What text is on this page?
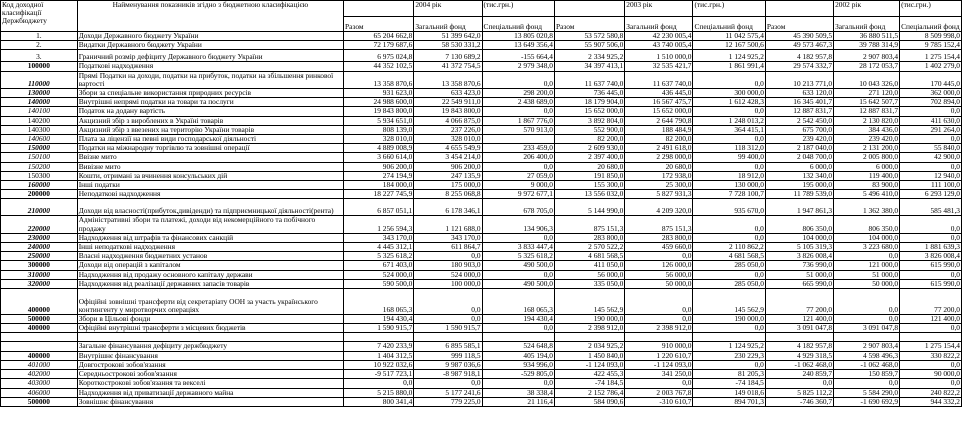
Код доходної класифікації Держбюджету	Найменування показників згідно з бюджетною класифікацією		2004 рік	(тис.грн.)		2003 рік	(тис.грн.)		2002 рік	(тис.грн.)
		Разом	Загальний фонд	Спеціальний фонд	Разом	Загальний фонд	Спеціальний фонд	Разом	Загальний фонд	Спеціальний фонд
1.	Доходи Державного бюджету України	65 204 662,8	51 399 642,0	13 805 020,8	53 572 580,8	42 230 005,4	11 042 575,4	45 390 509,5	36 880 511,5	8 509 998,0
2.	Видатки Державного бюджету України	72 179 687,6	58 530 331,2	13 649 356,4	55 907 506,0	43 740 005,4	12 167 500,6	49 573 467,3	39 788 314,9	9 785 152,4
3.	Граничний розмір дефіциту Державного бюджету України	6 975 024,8	7 130 689,2	-155 664,4	2 334 925,2	1 510 000,0	1 124 925,2	4 182 957,8	2 907 803,4	1 275 154,4
100000	Податкові надходження	44 352 102,5	41 372 754,5	2 979 348,0	34 397 413,1	32 535 421,7	1 861 991,4	29 574 332,7	28 172 053,7	1 402 279,0
110000	Прямі Податки на доходи, податки на прибуток, податки на збільшення ринкової вартості	13 358 870,6	13 358 870,6	0,0	11 637 740,0	11 637 740,0	0,0	10 213 771,0	10 043 326,0	170 445,0
130000	Збори за спеціальне використання природних ресурсів	931 623,0	633 423,0	298 200,0	736 445,0	436 445,0	300 000,0	633 120,0	271 120,0	362 000,0
140000	Внутрішні непрямі податки на товари та послуги	24 988 600,0	22 549 911,0	2 438 689,0	18 179 904,0	16 567 475,7	1 612 428,3	16 345 401,7	15 642 507,7	702 894,0
140100	Податок на додану вартість	19 843 800,0	19 843 800,0	0,0	15 652 000,0	15 652 000,0	0,0	12 887 831,7	12 887 831,7	0,0
140200	Акцизний збір з вироблених в Україні товарів	5 934 651,0	4 066 875,0	1 867 776,0	3 892 804,0	2 644 790,8	1 248 013,2	2 542 450,0	2 130 820,0	411 630,0
140300	Акцизний збір з ввезених на територію України товарів	808 139,0	237 226,0	570 913,0	552 900,0	188 484,9	364 415,1	675 700,0	384 436,0	291 264,0
140600	Плата за ліцензії на певні види господарської діяльності	328 010,0	328 010,0		82 200,0	82 200,0	0,0	239 420,0	239 420,0	0,0
150000	Податки на міжнародну торгівлю та зовнішні операції	4 889 008,9	4 655 549,9	233 459,0	2 609 930,0	2 491 618,0	118 312,0	2 187 040,0	2 131 200,0	55 840,0
150100	Ввізне мито	3 660 614,0	3 454 214,0	206 400,0	2 397 400,0	2 298 000,0	99 400,0	2 048 700,0	2 005 800,0	42 900,0
150200	Вивізне мито	906 200,0	906 200,0	0,0	20 680,0	20 680,0	0,0	6 000,0	6 000,0	0,0
150300	Кошти, отримані за вчинення консульських дій	274 194,9	247 135,9	27 059,0	191 850,0	172 938,0	18 912,0	132 340,0	119 400,0	12 940,0
160000	Інші податки	184 000,0	175 000,0	9 000,0	155 300,0	25 300,0	130 000,0	195 000,0	83 900,0	111 100,0
200000	Неподаткові надходження	18 227 745,9	8 255 068,8	9 972 677,1	13 556 032,0	5 827 931,3	7 728 100,7	11 789 539,0	5 496 410,0	6 293 129,0
210000	Доходи від власності(прибуток,дивіденди) та підприємницької діяльності(рента)	6 857 051,1	6 178 346,1	678 705,0	5 144 990,0	4 209 320,0	935 670,0	1 947 861,3	1 362 380,0	585 481,3
220000	Адміністративні збори та платежі, доходи від некомерційного та побічного продажу	1 256 594,3	1 121 688,0	134 906,3	875 151,3	875 151,3	0,0	806 350,0	806 350,0	0,0
230000	Надходження від штрафів та фінансових санкцій	343 170,0	343 170,0	0,0	283 800,0	283 800,0	0,0	104 000,0	104 000,0	0,0
240000	Інші неподаткові надходження	4 445 312,1	611 864,7	3 833 447,4	2 570 522,2	459 660,0	2 110 862,2	5 105 319,3	3 223 680,0	1 881 639,3
250000	Власні надходження бюджетних установ	5 325 618,2	0,0	5 325 618,2	4 681 568,5	0,0	4 681 568,5	3 826 008,4	0,0	3 826 008,4
300000	Доходи від операцій з капіталом	671 403,0	180 903,0	490 500,0	411 050,0	126 000,0	285 050,0	736 990,0	121 000,0	615 990,0
310000	Надходження від продажу основного капіталу держави	524 000,0	524 000,0	0,0	56 000,0	56 000,0	0,0	51 000,0	51 000,0	0,0
320000	Надходження від реалізації державних запасів товарів	590 500,0	100 000,0	490 500,0	335 050,0	50 000,0	285 050,0	665 990,0	50 000,0	615 990,0
400000	Офіційні зовнішні трансферти від секретаріату ООН за участь українського контингенту у миротворчих операціях	168 065,3	0,0	168 065,3	145 562,9	0,0	145 562,9	77 200,0	0,0	77 200,0
500000	Збори в Цільові фонди	194 430,4	0,0	194 430,4	190 000,0	0,0	190 000,0	121 400,0	0,0	121 400,0
400000	Офіційні внутрішні трансферти з місцевих бюджетів	1 590 915,7	1 590 915,7	0,0	2 398 912,0	2 398 912,0	0,0	3 091 047,8	3 091 047,8	0,0

	Загальне фінансування дефіциту держбюджету	7 420 233,9	6 895 585,1	524 648,8	2 034 925,2	910 000,0	1 124 925,2	4 182 957,8	2 907 803,4	1 275 154,4
400000	Внутрішнє фінансування	1 404 312,5	999 118,5	405 194,0	1 450 840,0	1 220 610,7	230 229,3	4 929 318,5	4 598 496,3	330 822,2
401000	Довгострокові зобов'язання	10 922 032,6	9 987 036,6	934 996,0	-1 124 093,0	-1 124 093,0	0,0	-1 062 468,0	-1 062 468,0	0,0
402000	Середньострокові зобов'язання	-9 517 723,1	-8 987 918,1	-529 805,0	422 455,3	341 250,0	81 205,3	240 859,7	150 859,7	90 000,0
403000	Короткострокові зобов'язання та векселі	0,0	0,0	0,0	-74 184,5	0,0	-74 184,5	0,0	0,0	0,0
406000	Надходження від приватизації державного майна	5 215 880,0	5 177 241,6	38 338,4	2 152 786,4	2 003 767,8	149 018,6	5 825 112,2	5 584 290,0	240 822,2
500000	Зовнішнє фінансування	800 341,4	779 225,0	21 116,4	584 090,6	-310 610,7	894 701,3	-746 360,7	-1 690 692,9	944 332,2
